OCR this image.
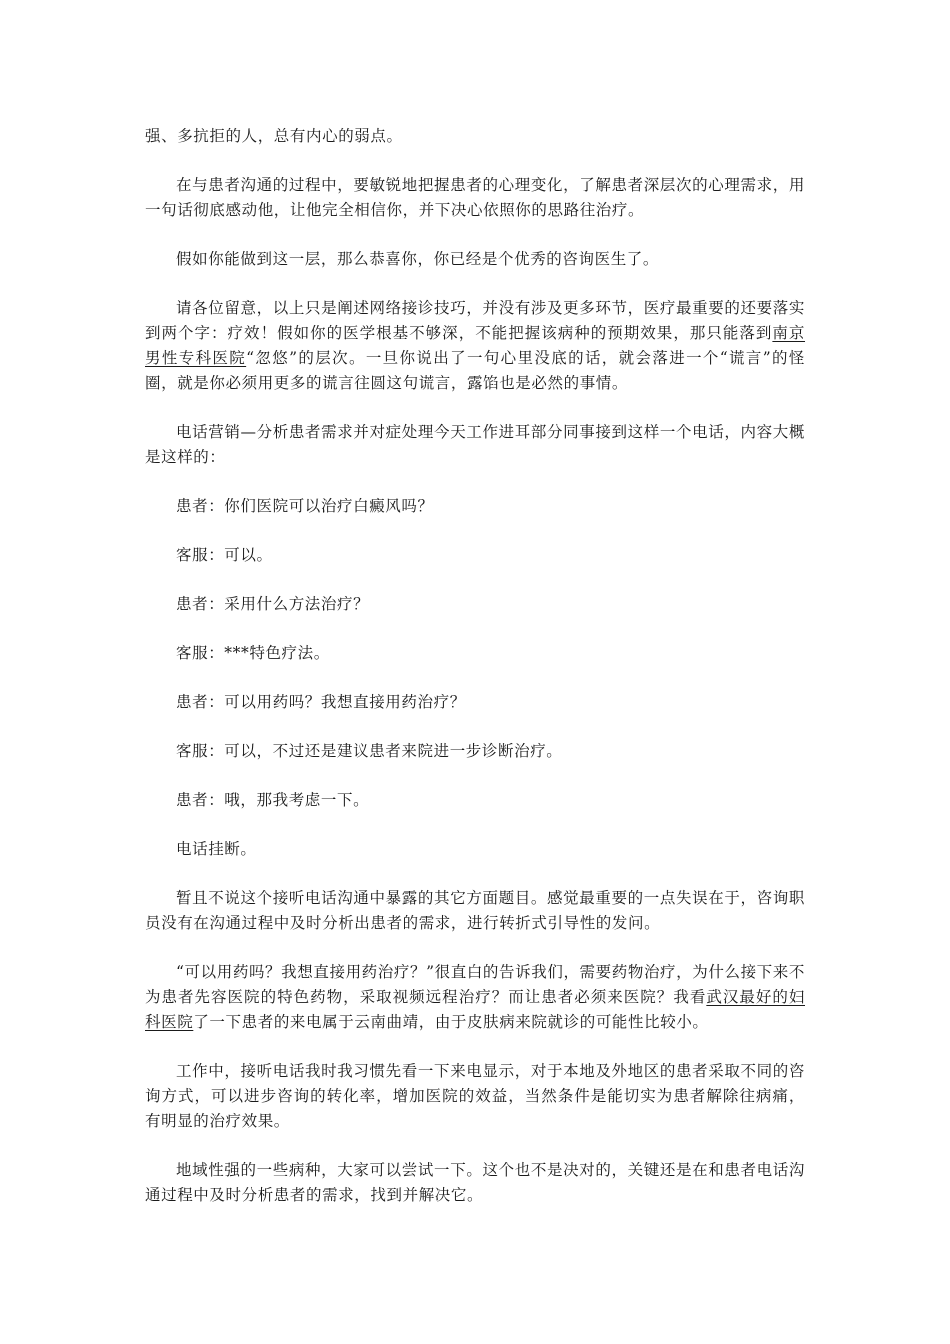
强、多抗拒的人，总有内心的弱点。

在与患者沟通的过程中，要敏锐地把握患者的心理变化，了解患者深层次的心理需求，用一句话彻底感动他，让他完全相信你，并下决心依照你的思路往治疗。

假如你能做到这一层，那么恭喜你，你已经是个优秀的咨询医生了。

请各位留意，以上只是阐述网络接诊技巧，并没有涉及更多环节，医疗最重要的还要落实到两个字：疗效！假如你的医学根基不够深，不能把握该病种的预期效果，那只能落到南京男性专科医院“忽悠”的层次。一旦你说出了一句心里没底的话，就会落进一个“谎言”的怪圈，就是你必须用更多的谎言往圆这句谎言，露馅也是必然的事情。

电话营销—分析患者需求并对症处理今天工作进耳部分同事接到这样一个电话，内容大概是这样的：

患者：你们医院可以治疗白癜风吗？

客服：可以。

患者：采用什么方法治疗？

客服：***特色疗法。

患者：可以用药吗？我想直接用药治疗？

客服：可以，不过还是建议患者来院进一步诊断治疗。

患者：哦，那我考虑一下。

电话挂断。

暂且不说这个接听电话沟通中暴露的其它方面题目。感觉最重要的一点失误在于，咨询职员没有在沟通过程中及时分析出患者的需求，进行转折式引导性的发问。

“可以用药吗？我想直接用药治疗？”很直白的告诉我们，需要药物治疗，为什么接下来不为患者先容医院的特色药物，采取视频远程治疗？而让患者必须来医院？我看武汉最好的妇科医院了一下患者的来电属于云南曲靖，由于皮肤病来院就诊的可能性比较小。

工作中，接听电话我时我习惯先看一下来电显示，对于本地及外地区的患者采取不同的咨询方式，可以进步咨询的转化率，增加医院的效益，当然条件是能切实为患者解除往病痛，有明显的治疗效果。

地域性强的一些病种，大家可以尝试一下。这个也不是决对的，关键还是在和患者电话沟通过程中及时分析患者的需求，找到并解决它。
